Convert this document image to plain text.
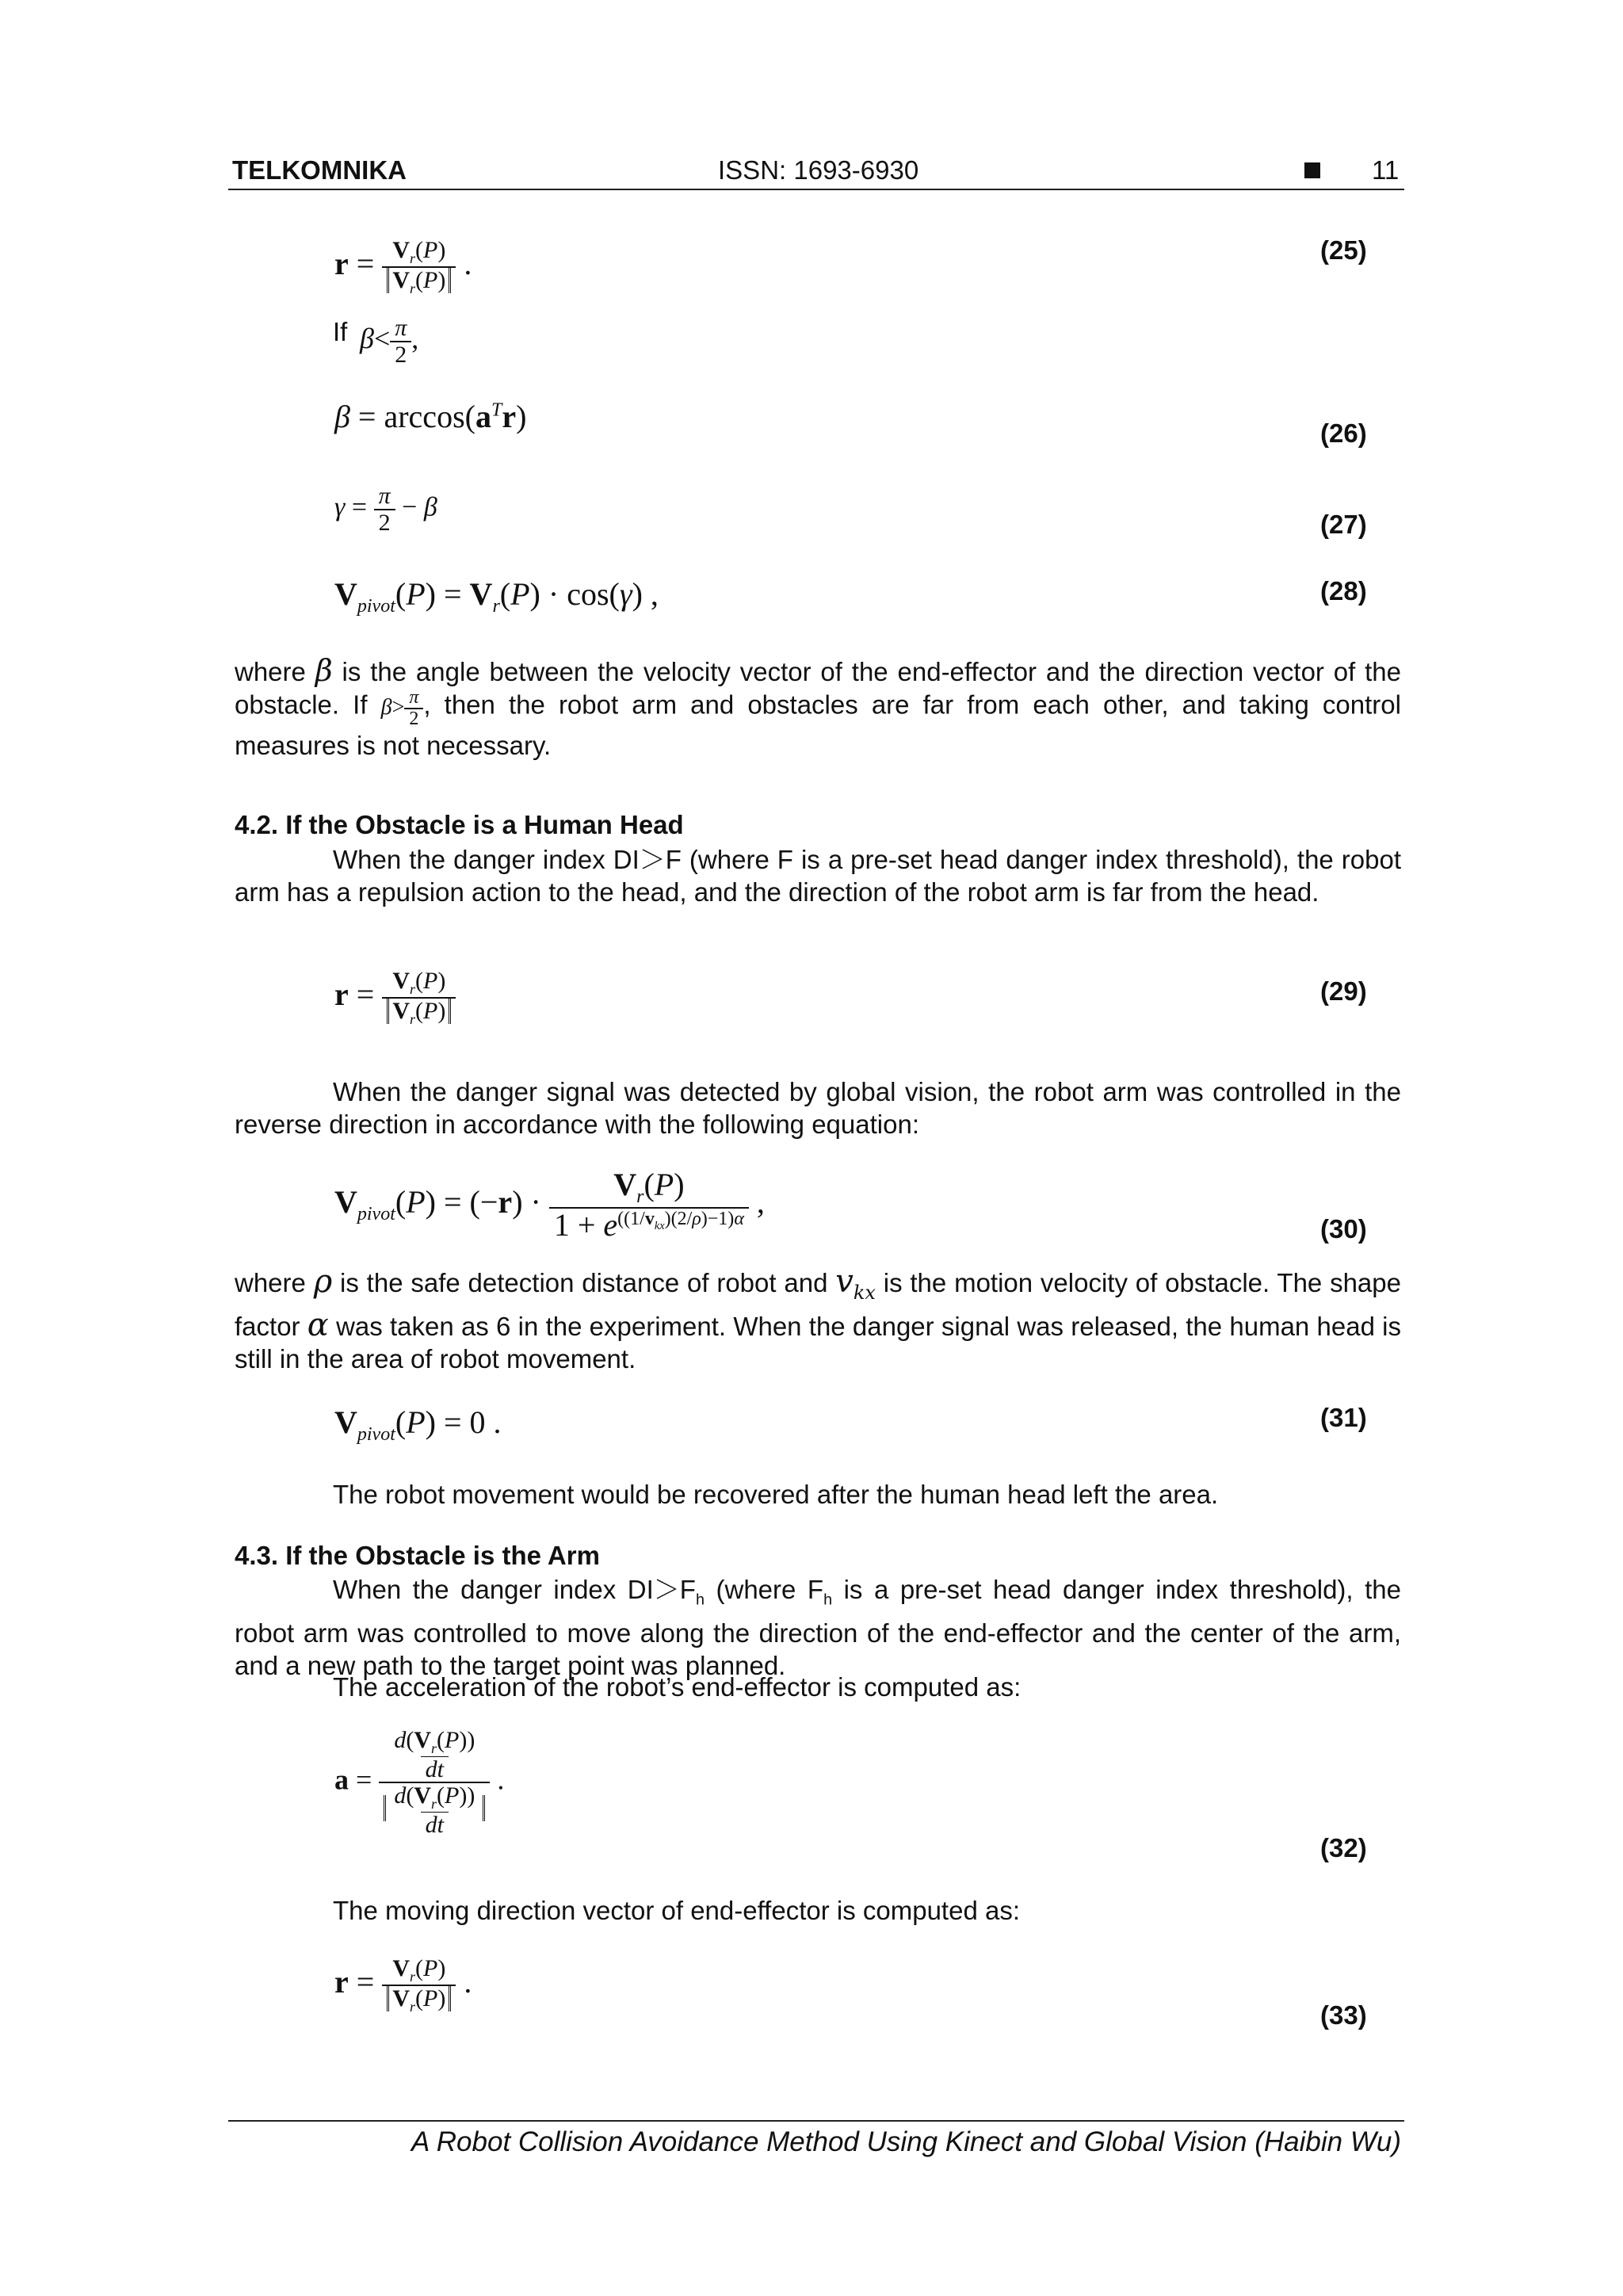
TELKOMNIKA	ISSN: 1693-6930	11
$r = \frac{V_r(P)}{V_r(P)}$ .	(25)
If $\beta< \frac{\pi}{2}$ ,
$\beta = \arccos(a^Tr)$	(26)
$\gamma = \frac{\pi}{2} - \beta$
(27)
$V_{pivot}(P) = V_r(P) \cdot \cos(\gamma)$ ,	(28)
where β is the angle between the velocity vector of the end-effector and the direction vector of the obstacle. If $\beta> \frac{\pi}{2}$ , then the robot arm and obstacles are far from each other, and taking control measures is not necessary.
4.2. If the Obstacle is a Human Head
When the danger index DI＞F (where F is a pre-set head danger index threshold), the robot arm has a repulsion action to the head, and the direction of the robot arm is far from the head.
$r = \frac{V_r(P)}{V_r(P)}$	(29)
When the danger signal was detected by global vision, the robot arm was controlled in the reverse direction in accordance with the following equation:
$V_{pivot}(P) = (-r) \cdot \frac{V_r(P)}{1 + e^{((1/v_{kx})(2/\rho)-1)\alpha}}$ ,
(30)
where ρ is the safe detection distance of robot and $v_{kx}$ is the motion velocity of obstacle. The shape factor α was taken as 6 in the experiment. When the danger signal was released, the human head is still in the area of robot movement.
$V_{pivot}(P) = 0$ .	(31)
The robot movement would be recovered after the human head left the area.
4.3. If the Obstacle is the Arm
When the danger index $DI>F_h$ (where $F_h$ is a pre-set head danger index threshold), the robot arm was controlled to move along the direction of the end-effector and the center of the arm, and a new path to the target point was planned.
The acceleration of the robot’s end-effector is computed as:
$a = \frac{\frac{d(V_r(P))}{dt}}{\frac{d(V_r(P))}{dt}}$ .
(32)
The moving direction vector of end-effector is computed as:
$r = \frac{V_r(P)}{V_r(P)}$ .
(33)
A Robot Collision Avoidance Method Using Kinect and Global Vision (Haibin Wu)
